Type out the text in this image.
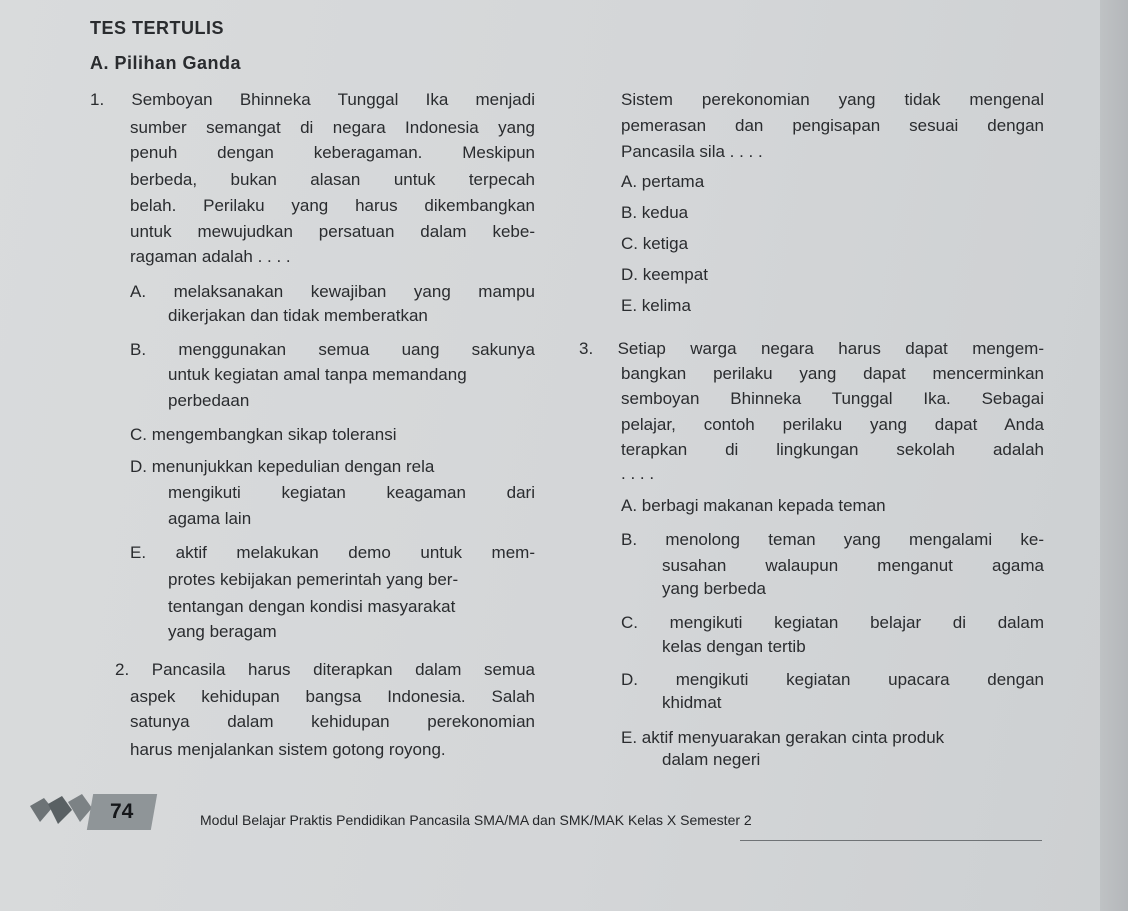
TES TERTULIS
A. Pilihan Ganda
1. Semboyan Bhinneka Tunggal Ika menjadi
sumber semangat di negara Indonesia yang
penuh dengan keberagaman. Meskipun
berbeda, bukan alasan untuk terpecah
belah. Perilaku yang harus dikembangkan
untuk mewujudkan persatuan dalam kebe-
ragaman adalah . . . .
A. melaksanakan kewajiban yang mampu
dikerjakan dan tidak memberatkan
B. menggunakan semua uang sakunya
untuk kegiatan amal tanpa memandang
perbedaan
C. mengembangkan sikap toleransi
D. menunjukkan kepedulian dengan rela
mengikuti kegiatan keagaman dari
agama lain
E. aktif melakukan demo untuk mem-
protes kebijakan pemerintah yang ber-
tentangan dengan kondisi masyarakat
yang beragam
2. Pancasila harus diterapkan dalam semua
aspek kehidupan bangsa Indonesia. Salah
satunya dalam kehidupan perekonomian
harus menjalankan sistem gotong royong.
Sistem perekonomian yang tidak mengenal
pemerasan dan pengisapan sesuai dengan
Pancasila sila . . . .
A. pertama
B. kedua
C. ketiga
D. keempat
E. kelima
3. Setiap warga negara harus dapat mengem-
bangkan perilaku yang dapat mencerminkan
semboyan Bhinneka Tunggal Ika. Sebagai
pelajar, contoh perilaku yang dapat Anda
terapkan di lingkungan sekolah adalah
. . . .
A. berbagi makanan kepada teman
B. menolong teman yang mengalami ke-
susahan walaupun menganut agama
yang berbeda
C. mengikuti kegiatan belajar di dalam
kelas dengan tertib
D. mengikuti kegiatan upacara dengan
khidmat
E. aktif menyuarakan gerakan cinta produk
dalam negeri
74	Modul Belajar Praktis Pendidikan Pancasila SMA/MA dan SMK/MAK Kelas X Semester 2
